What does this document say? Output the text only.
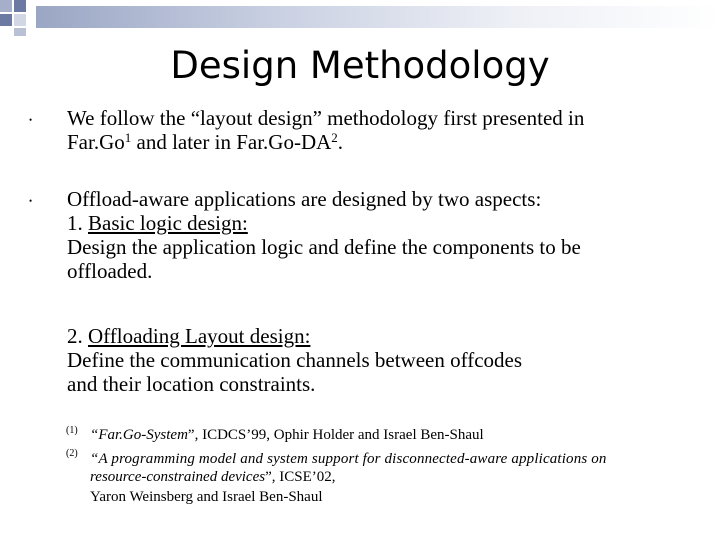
Design Methodology
• We follow the “layout design” methodology first presented in
Far.Go$^1$ and later in $Far.Go-DA^2$.
• Offload-aware applications are designed by two aspects:
1. Basic logic design:
Design the application logic and define the components to be
offloaded.
2. Offloading Layout design:
Define the communication channels between offcodes
and their location constraints.
(1) “Far.Go-System”, ICDCS’99, Ophir Holder and Israel Ben-Shaul
(2) “A programming model and system support for disconnected-aware applications on
resource-constrained devices”, ICSE’02,
Yaron Weinsberg and Israel Ben-Shaul
